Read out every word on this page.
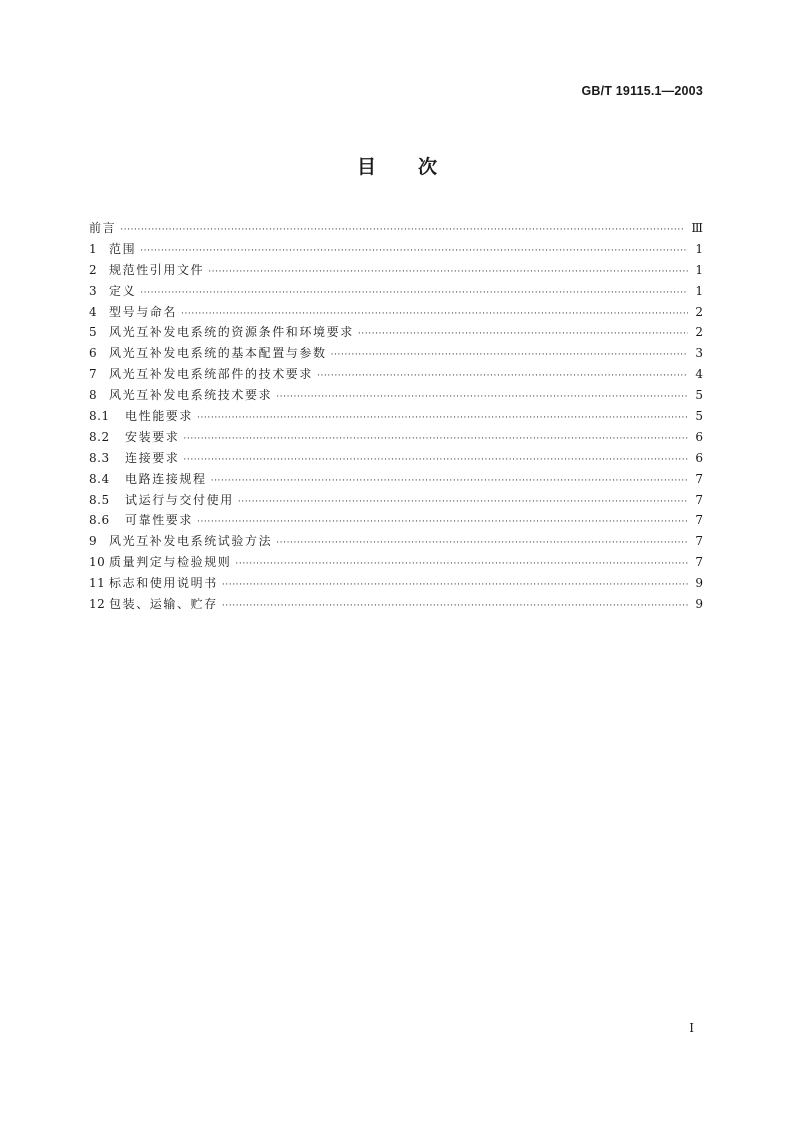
GB/T 19115.1—2003
目 次
前言 ·····	Ⅲ
1 范围 ·····	1
2 规范性引用文件 ·····	1
3 定义 ·····	1
4 型号与命名 ·····	2
5 风光互补发电系统的资源条件和环境要求 ·····	2
6 风光互补发电系统的基本配置与参数 ·····	3
7 风光互补发电系统部件的技术要求 ·····	4
8 风光互补发电系统技术要求 ·····	5
8.1	电性能要求 ·····	5
8.2	安装要求 ·····	6
8.3	连接要求 ·····	6
8.4	电路连接规程 ·····	7
8.5	试运行与交付使用 ·····	7
8.6	可靠性要求 ·····	7
9 风光互补发电系统试验方法 ·····	7
10 质量判定与检验规则 ·····	7
11 标志和使用说明书 ·····	9
12 包装、运输、贮存 ·····	9
I
